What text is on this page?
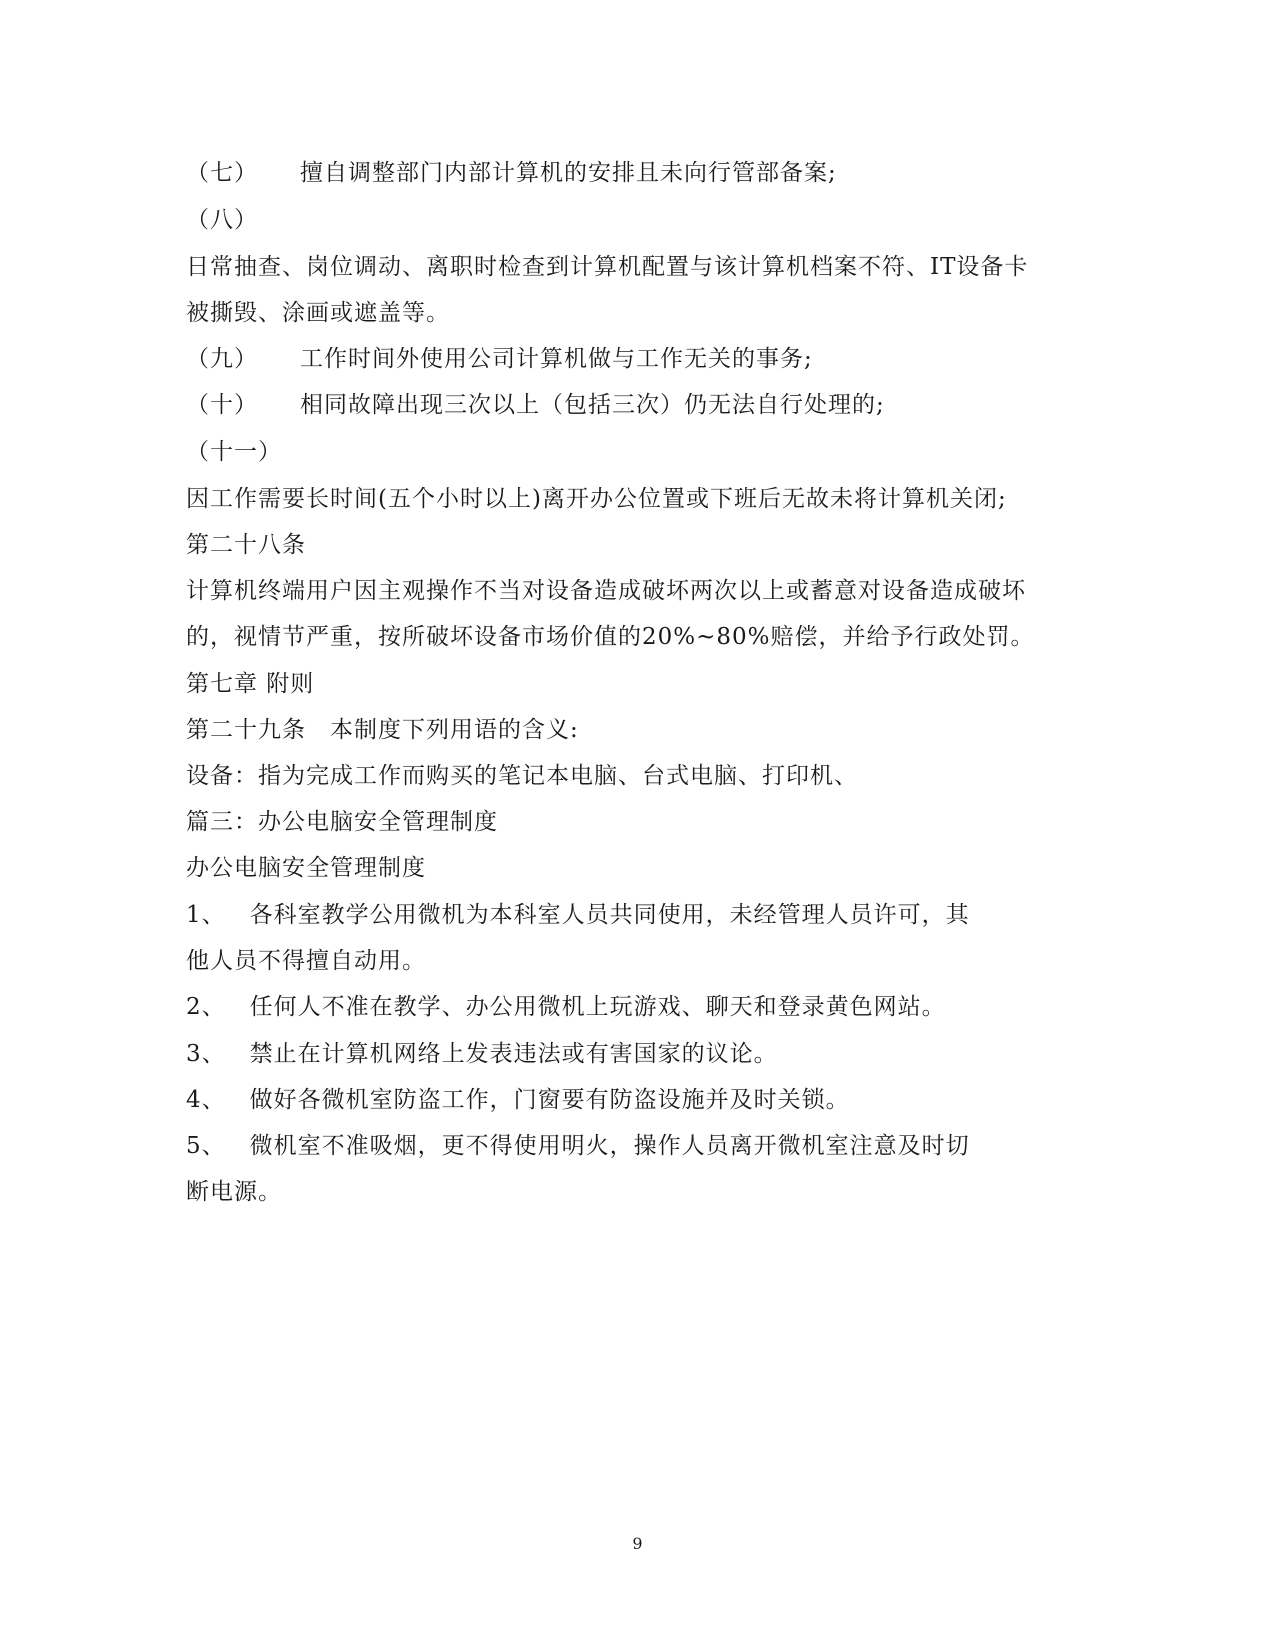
（七） 擅自调整部门内部计算机的安排且未向行管部备案;
（八）
日常抽查、岗位调动、离职时检查到计算机配置与该计算机档案不符、IT设备卡
被撕毁、涂画或遮盖等。
（九） 工作时间外使用公司计算机做与工作无关的事务;
（十） 相同故障出现三次以上（包括三次）仍无法自行处理的;
（十一）
因工作需要长时间(五个小时以上)离开办公位置或下班后无故未将计算机关闭;
第二十八条
计算机终端用户因主观操作不当对设备造成破坏两次以上或蓄意对设备造成破坏
的，视情节严重，按所破坏设备市场价值的20%~80%赔偿，并给予行政处罚。
第七章 附则
第二十九条 本制度下列用语的含义:
设备：指为完成工作而购买的笔记本电脑、台式电脑、打印机、
篇三：办公电脑安全管理制度
办公电脑安全管理制度
1、 各科室教学公用微机为本科室人员共同使用，未经管理人员许可，其
他人员不得擅自动用。
2、 任何人不准在教学、办公用微机上玩游戏、聊天和登录黄色网站。
3、 禁止在计算机网络上发表违法或有害国家的议论。
4、 做好各微机室防盗工作，门窗要有防盗设施并及时关锁。
5、 微机室不准吸烟，更不得使用明火，操作人员离开微机室注意及时切
断电源。
9
